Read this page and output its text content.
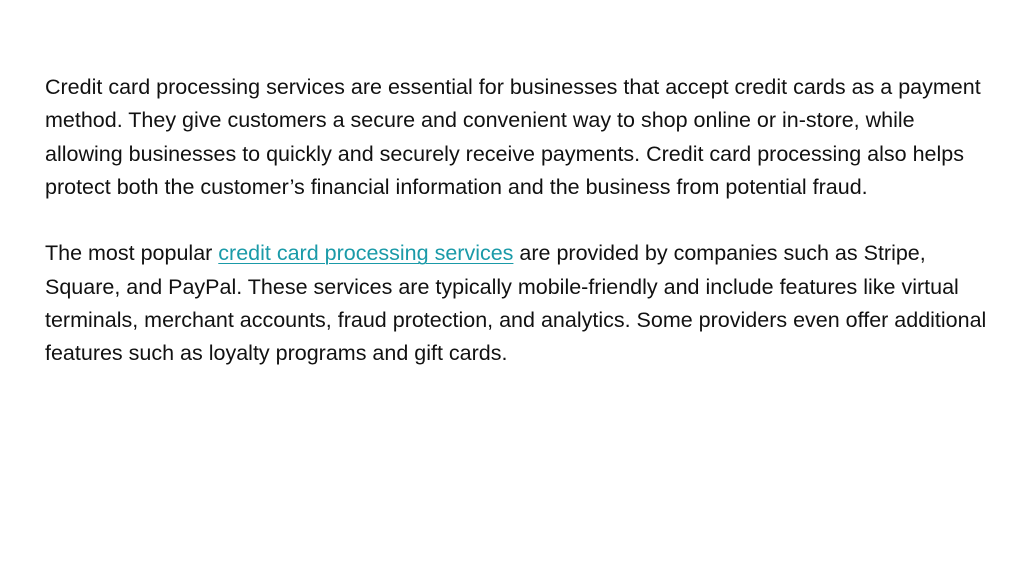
Credit card processing services are essential for businesses that accept credit cards as a payment method. They give customers a secure and convenient way to shop online or in-store, while allowing businesses to quickly and securely receive payments. Credit card processing also helps protect both the customer’s financial information and the business from potential fraud.

The most popular credit card processing services are provided by companies such as Stripe, Square, and PayPal. These services are typically mobile-friendly and include features like virtual terminals, merchant accounts, fraud protection, and analytics. Some providers even offer additional features such as loyalty programs and gift cards.
